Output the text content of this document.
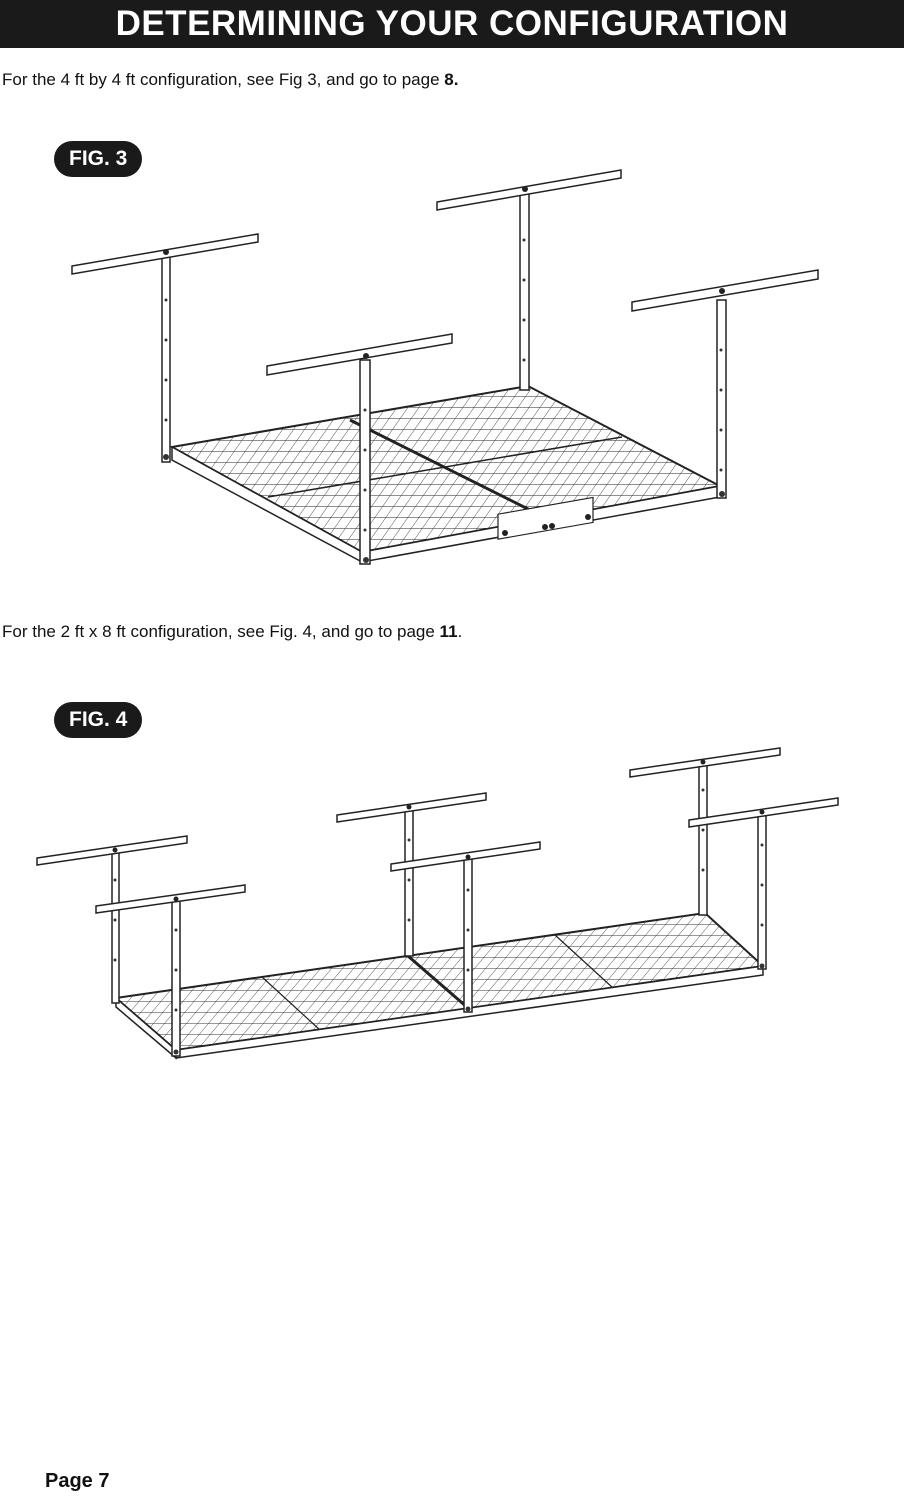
DETERMINING YOUR CONFIGURATION
For the 4 ft by 4 ft configuration, see Fig 3, and go to page 8.
FIG. 3
For the 2 ft x 8 ft configuration, see Fig. 4, and go to page 11.
FIG. 4
Page 7
